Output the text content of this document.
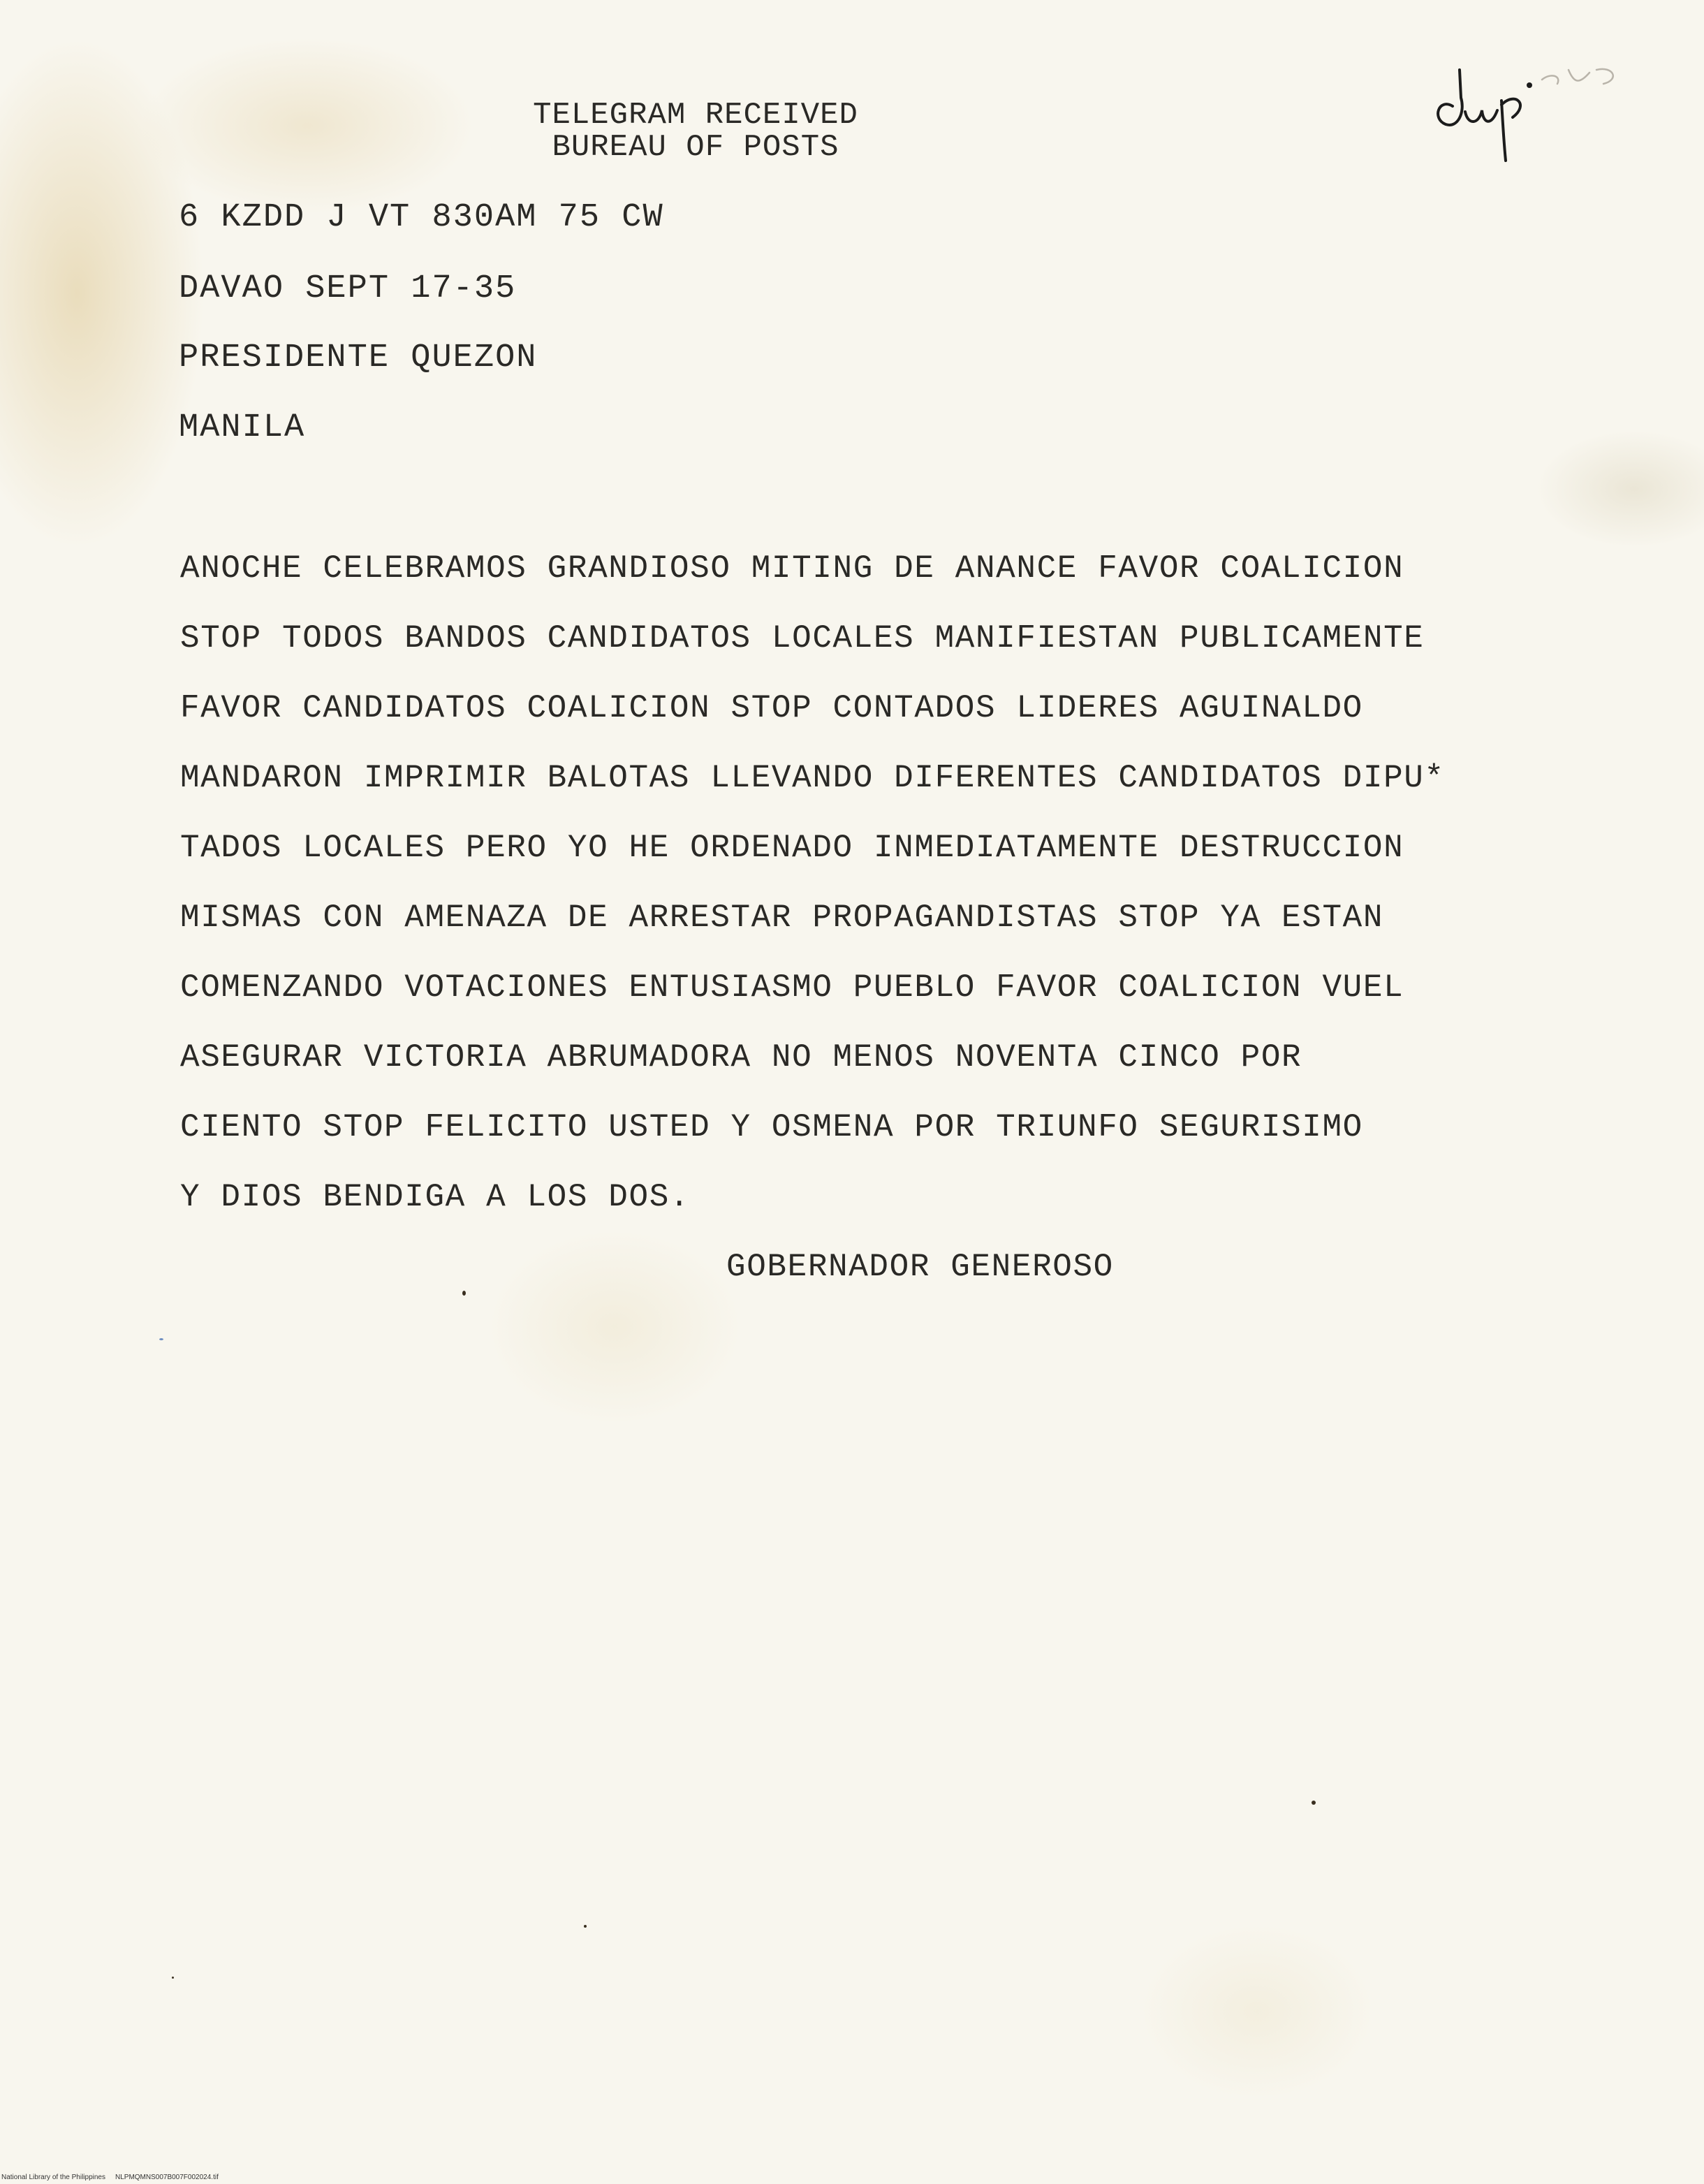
TELEGRAM RECEIVED
BUREAU OF POSTS
6 KZDD J VT 830AM 75 CW
DAVAO SEPT 17-35
PRESIDENTE QUEZON
MANILA
ANOCHE CELEBRAMOS GRANDIOSO MITING DE ANANCE FAVOR COALICION
STOP TODOS BANDOS CANDIDATOS LOCALES MANIFIESTAN PUBLICAMENTE
FAVOR CANDIDATOS COALICION STOP CONTADOS LIDERES AGUINALDO
MANDARON IMPRIMIR BALOTAS LLEVANDO DIFERENTES CANDIDATOS DIPU*
TADOS LOCALES PERO YO HE ORDENADO INMEDIATAMENTE DESTRUCCION
MISMAS CON AMENAZA DE ARRESTAR PROPAGANDISTAS STOP YA ESTAN
COMENZANDO VOTACIONES ENTUSIASMO PUEBLO FAVOR COALICION VUEL
ASEGURAR VICTORIA ABRUMADORA NO MENOS NOVENTA CINCO POR
CIENTO STOP FELICITO USTED Y OSMENA POR TRIUNFO SEGURISIMO
Y DIOS BENDIGA A LOS DOS.
GOBERNADOR GENEROSO
National Library of the Philippines NLPMQMNS007B007F002024.tif
